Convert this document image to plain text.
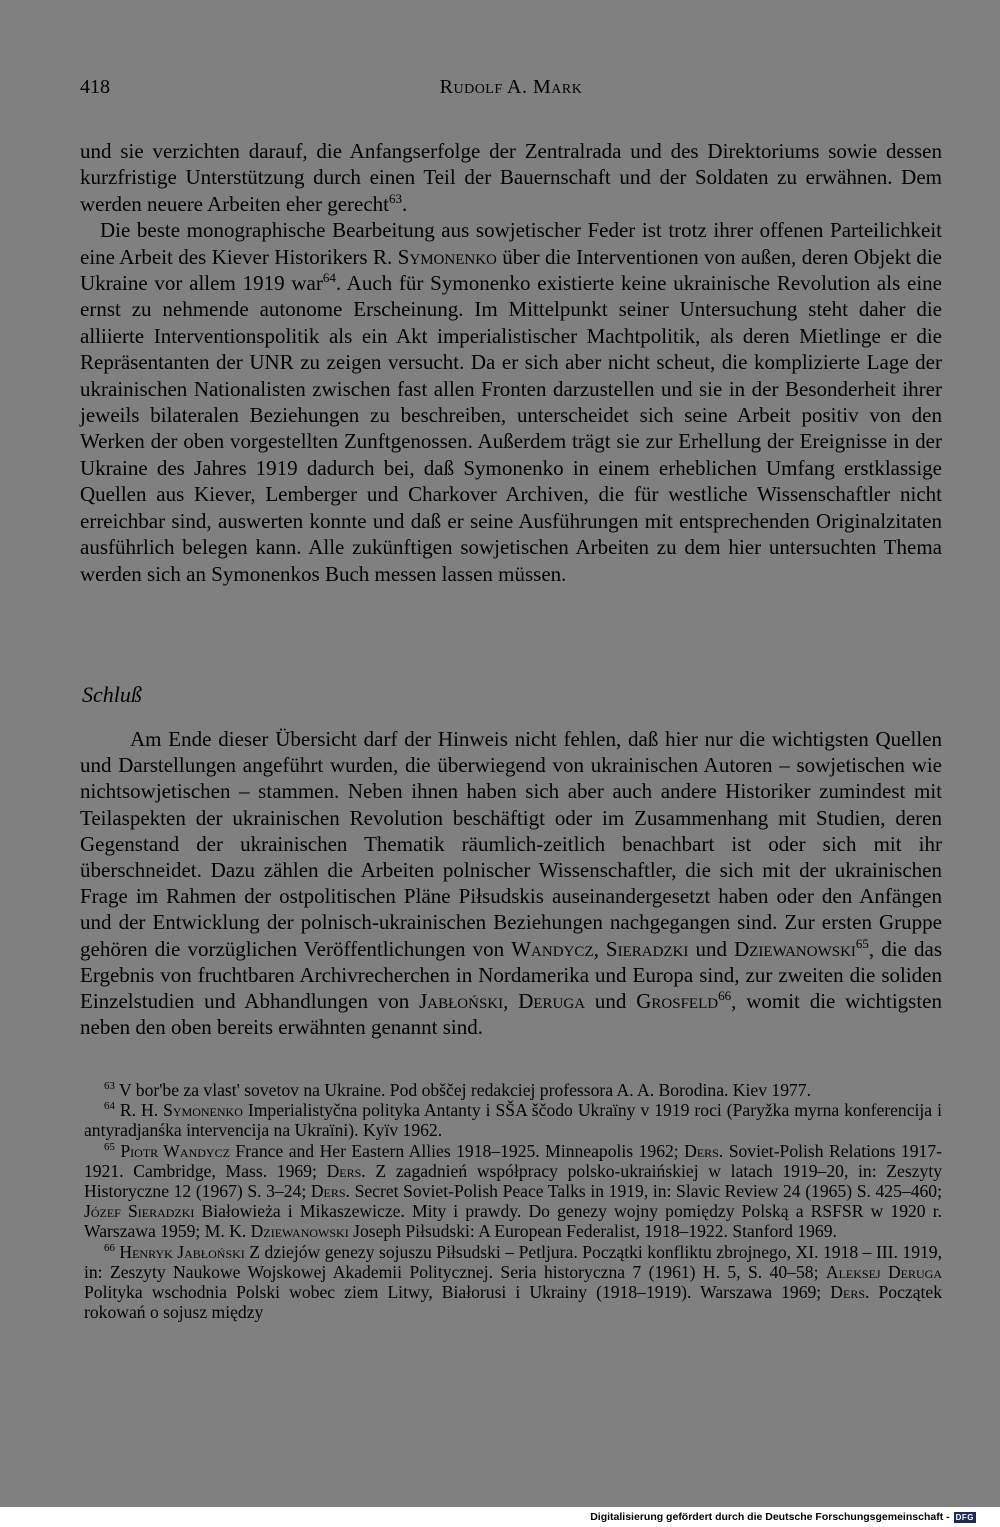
418	Rudolf A. Mark

und sie verzichten darauf, die Anfangserfolge der Zentralrada und des Direktoriums sowie dessen kurzfristige Unterstützung durch einen Teil der Bauernschaft und der Soldaten zu erwähnen. Dem werden neuere Arbeiten eher gerecht$^{63}$.

Die beste monographische Bearbeitung aus sowjetischer Feder ist trotz ihrer offenen Parteilichkeit eine Arbeit des Kiever Historikers R. Symonenko über die Interventionen von außen, deren Objekt die Ukraine vor allem 1919 war$^{64}$. Auch für Symonenko existierte keine ukrainische Revolution als eine ernst zu nehmende autonome Erscheinung. Im Mittelpunkt seiner Untersuchung steht daher die alliierte Interventionspolitik als ein Akt imperialistischer Machtpolitik, als deren Mietlinge er die Repräsentanten der UNR zu zeigen versucht. Da er sich aber nicht scheut, die komplizierte Lage der ukrainischen Nationalisten zwischen fast allen Fronten darzustellen und sie in der Besonderheit ihrer jeweils bilateralen Beziehungen zu beschreiben, unterscheidet sich seine Arbeit positiv von den Werken der oben vorgestellten Zunftgenossen. Außerdem trägt sie zur Erhellung der Ereignisse in der Ukraine des Jahres 1919 dadurch bei, daß Symonenko in einem erheblichen Umfang erstklassige Quellen aus Kiever, Lemberger und Charkover Archiven, die für westliche Wissenschaftler nicht erreichbar sind, auswerten konnte und daß er seine Ausführungen mit entsprechenden Originalzitaten ausführlich belegen kann. Alle zukünftigen sowjetischen Arbeiten zu dem hier untersuchten Thema werden sich an Symonenkos Buch messen lassen müssen.

Schluß

Am Ende dieser Übersicht darf der Hinweis nicht fehlen, daß hier nur die wichtigsten Quellen und Darstellungen angeführt wurden, die überwiegend von ukrainischen Autoren – sowjetischen wie nichtsowjetischen – stammen. Neben ihnen haben sich aber auch andere Historiker zumindest mit Teilaspekten der ukrainischen Revolution beschäftigt oder im Zusammenhang mit Studien, deren Gegenstand der ukrainischen Thematik räumlich-zeitlich benachbart ist oder sich mit ihr überschneidet. Dazu zählen die Arbeiten polnischer Wissenschaftler, die sich mit der ukrainischen Frage im Rahmen der ostpolitischen Pläne Piłsudskis auseinandergesetzt haben oder den Anfängen und der Entwicklung der polnisch-ukrainischen Beziehungen nachgegangen sind. Zur ersten Gruppe gehören die vorzüglichen Veröffentlichungen von Wandycz, Sieradzki und Dziewanowski$^{65}$, die das Ergebnis von fruchtbaren Archivrecherchen in Nordamerika und Europa sind, zur zweiten die soliden Einzelstudien und Abhandlungen von Jabłoński, Deruga und Grosfeld$^{66}$, womit die wichtigsten neben den oben bereits erwähnten genannt sind.

$^{63}$ V bor'be za vlast' sovetov na Ukraine. Pod obščej redakciej professora A. A. Borodina. Kiev 1977.

$^{64}$ R. H. Symonenko Imperialistyčna polityka Antanty i SŠA ščodo Ukraïny v 1919 roci (Paryžka myrna konferencija i antyradjanśka intervencija na Ukraïni). Kyïv 1962.

$^{65}$ Piotr Wandycz France and Her Eastern Allies 1918–1925. Minneapolis 1962; Ders. Soviet-Polish Relations 1917-1921. Cambridge, Mass. 1969; Ders. Z zagadnień współpracy polsko-ukraińskiej w latach 1919–20, in: Zeszyty Historyczne 12 (1967) S. 3–24; Ders. Secret Soviet-Polish Peace Talks in 1919, in: Slavic Review 24 (1965) S. 425–460; Józef Sieradzki Białowieża i Mikaszewicze. Mity i prawdy. Do genezy wojny pomiędzy Polską a RSFSR w 1920 r. Warszawa 1959; M. K. Dziewanowski Joseph Piłsudski: A European Federalist, 1918–1922. Stanford 1969.

$^{66}$ Henryk Jabłoński Z dziejów genezy sojuszu Piłsudski – Petljura. Początki konfliktu zbrojnego, XI. 1918 – III. 1919, in: Zeszyty Naukowe Wojskowej Akademii Politycznej. Seria historyczna 7 (1961) H. 5, S. 40–58; Aleksej Deruga Polityka wschodnia Polski wobec ziem Litwy, Białorusi i Ukrainy (1918–1919). Warszawa 1969; Ders. Początek rokowań o sojusz między

Digitalisierung gefördert durch die Deutsche Forschungsgemeinschaft - DFG
